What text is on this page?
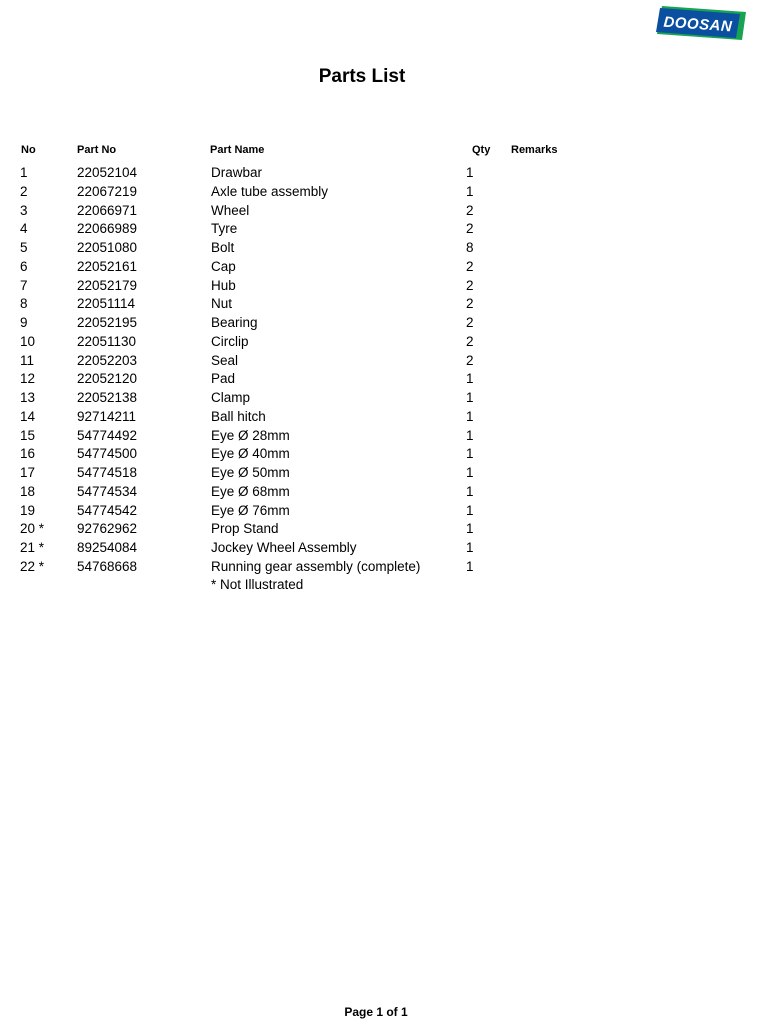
DOOSAN
Parts List
No	Part No	Part Name	Qty Remarks
1	22052104	Drawbar	1
2	22067219	Axle tube assembly	1
3	22066971	Wheel	2
4	22066989	Tyre	2
5	22051080	Bolt	8
6	22052161	Cap	2
7	22052179	Hub	2
8	22051114	Nut	2
9	22052195	Bearing	2
10	22051130	Circlip	2
11	22052203	Seal	2
12	22052120	Pad	1
13	22052138	Clamp	1
14	92714211	Ball hitch	1
15	54774492	Eye Ø 28mm	1
16	54774500	Eye Ø 40mm	1
17	54774518	Eye Ø 50mm	1
18	54774534	Eye Ø 68mm	1
19	54774542	Eye Ø 76mm	1
20 * 92762962	Prop Stand	1
21 * 89254084	Jockey Wheel Assembly	1
22 * 54768668	Running gear assembly (complete)	1
* Not Illustrated
Page 1 of 1
